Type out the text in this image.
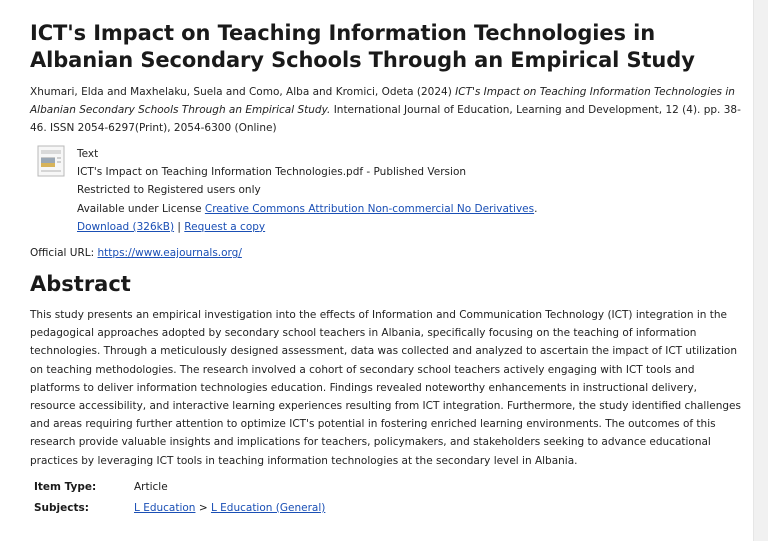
ICT's Impact on Teaching Information Technologies in Albanian Secondary Schools Through an Empirical Study
Xhumari, Elda and Maxhelaku, Suela and Como, Alba and Kromici, Odeta (2024) ICT's Impact on Teaching Information Technologies in Albanian Secondary Schools Through an Empirical Study. International Journal of Education, Learning and Development, 12 (4). pp. 38-46. ISSN 2054-6297(Print), 2054-6300 (Online)
Text
ICT's Impact on Teaching Information Technologies.pdf - Published Version
Restricted to Registered users only
Available under License Creative Commons Attribution Non-commercial No Derivatives.
Download (326kB) | Request a copy
Official URL: https://www.eajournals.org/
Abstract
This study presents an empirical investigation into the effects of Information and Communication Technology (ICT) integration in the pedagogical approaches adopted by secondary school teachers in Albania, specifically focusing on the teaching of information technologies. Through a meticulously designed assessment, data was collected and analyzed to ascertain the impact of ICT utilization on teaching methodologies. The research involved a cohort of secondary school teachers actively engaging with ICT tools and platforms to deliver information technologies education. Findings revealed noteworthy enhancements in instructional delivery, resource accessibility, and interactive learning experiences resulting from ICT integration. Furthermore, the study identified challenges and areas requiring further attention to optimize ICT's potential in fostering enriched learning environments. The outcomes of this research provide valuable insights and implications for teachers, policymakers, and stakeholders seeking to advance educational practices by leveraging ICT tools in teaching information technologies at the secondary level in Albania.
Item Type:	Article
Subjects:	L Education > L Education (General)
